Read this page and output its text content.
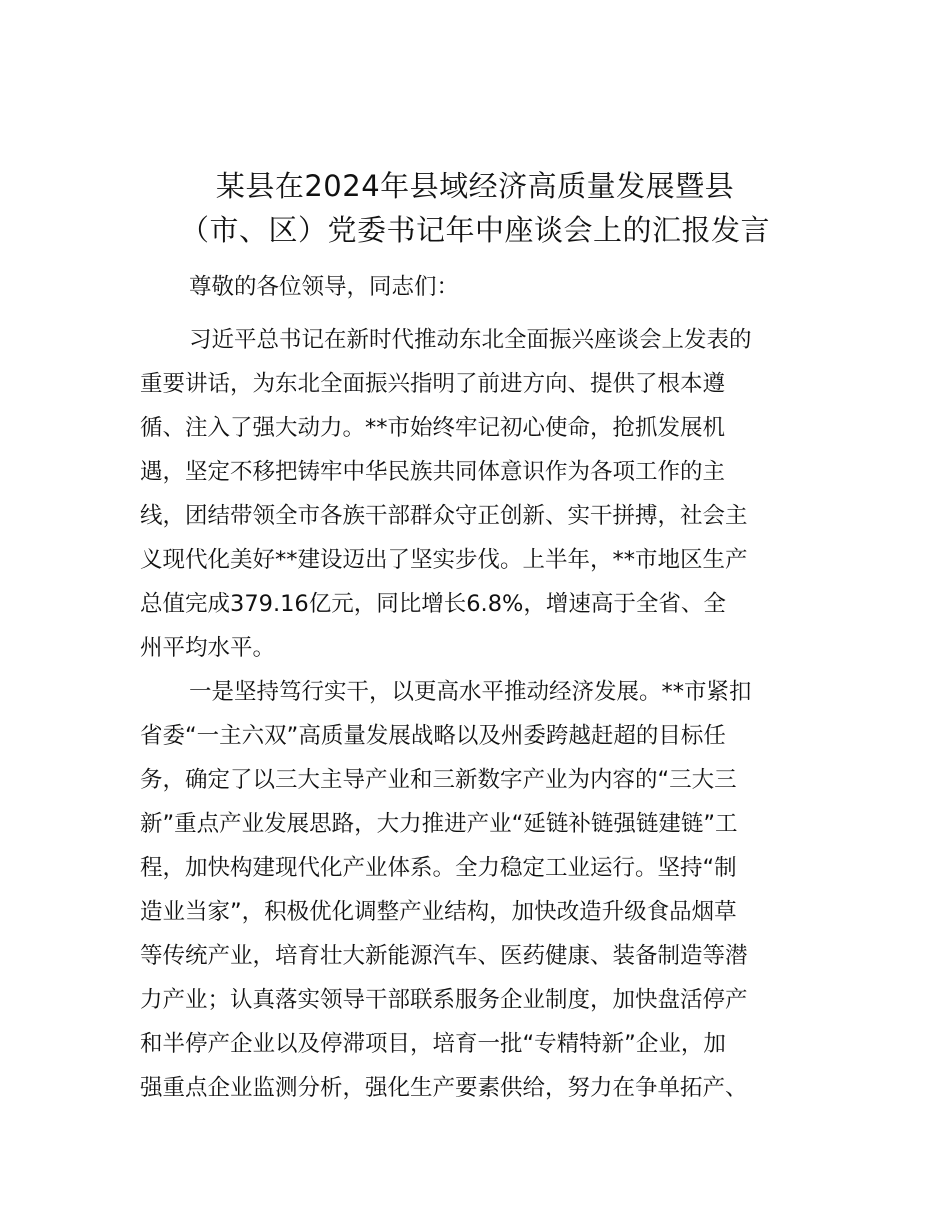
某县在2024年县域经济高质量发展暨县
（市、区）党委书记年中座谈会上的汇报发言

尊敬的各位领导，同志们：

习近平总书记在新时代推动东北全面振兴座谈会上发表的
重要讲话，为东北全面振兴指明了前进方向、提供了根本遵
循、注入了强大动力。**市始终牢记初心使命，抢抓发展机
遇，坚定不移把铸牢中华民族共同体意识作为各项工作的主
线，团结带领全市各族干部群众守正创新、实干拼搏，社会主
义现代化美好**建设迈出了坚实步伐。上半年，**市地区生产
总值完成379.16亿元，同比增长6.8%，增速高于全省、全
州平均水平。

一是坚持笃行实干，以更高水平推动经济发展。**市紧扣
省委“一主六双”高质量发展战略以及州委跨越赶超的目标任
务，确定了以三大主导产业和三新数字产业为内容的“三大三
新”重点产业发展思路，大力推进产业“延链补链强链建链”工
程，加快构建现代化产业体系。全力稳定工业运行。坚持“制
造业当家”，积极优化调整产业结构，加快改造升级食品烟草
等传统产业，培育壮大新能源汽车、医药健康、装备制造等潜
力产业；认真落实领导干部联系服务企业制度，加快盘活停产
和半停产企业以及停滞项目，培育一批“专精特新”企业，加
强重点企业监测分析，强化生产要素供给，努力在争单拓产、
